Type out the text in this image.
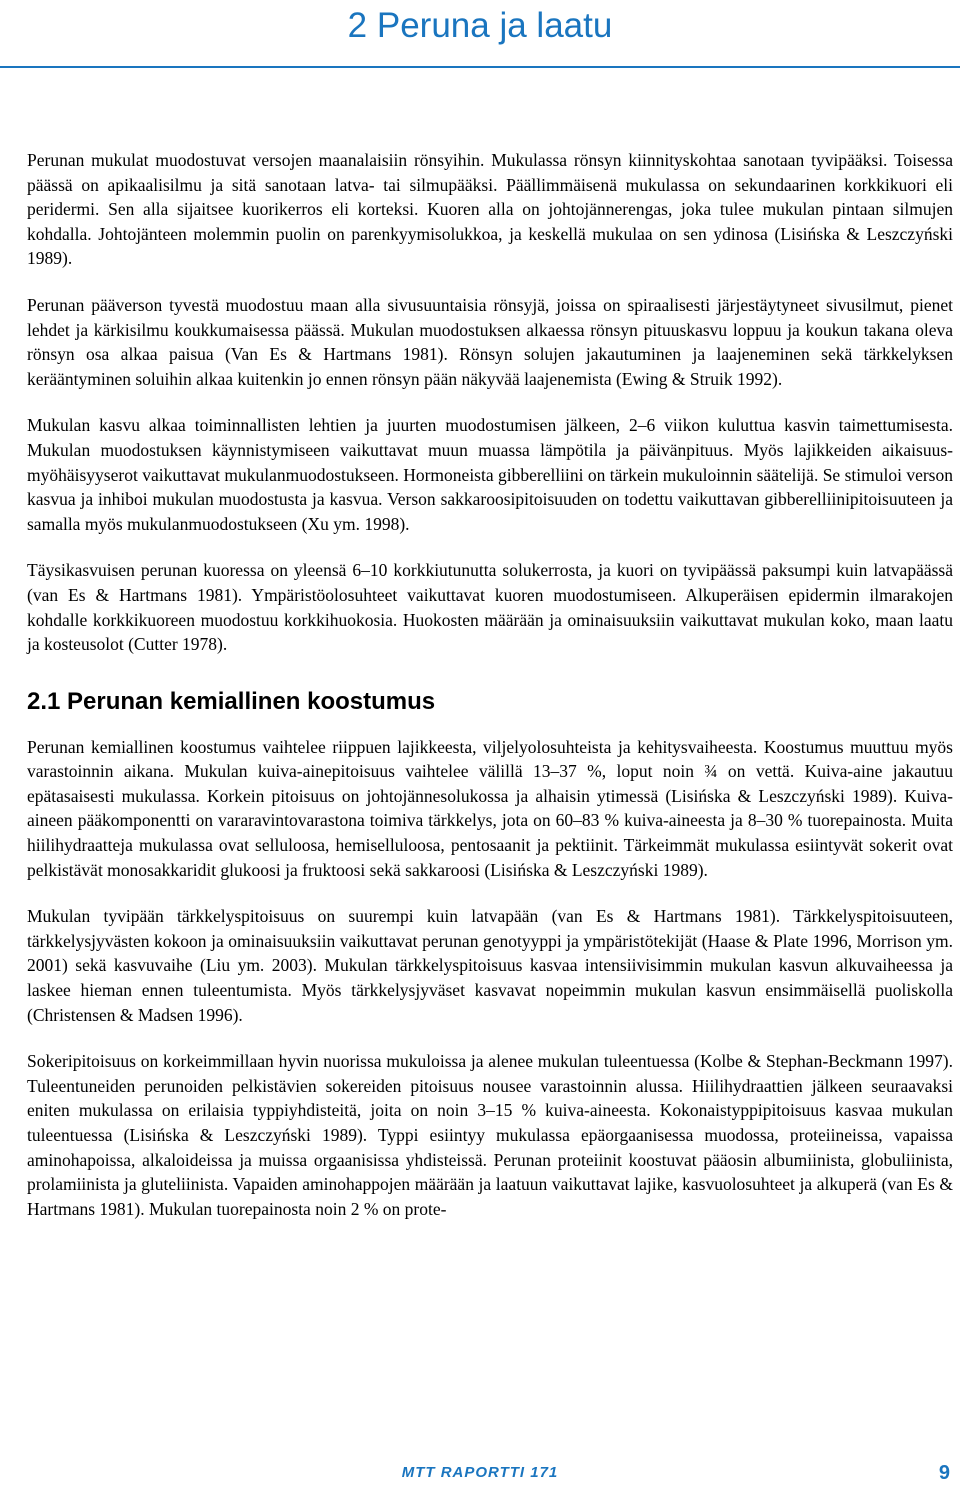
2 Peruna ja laatu

Perunan mukulat muodostuvat versojen maanalaisiin rönsyihin. Mukulassa rönsyn kiinnityskohtaa sanotaan tyvipääksi. Toisessa päässä on apikaalisilmu ja sitä sanotaan latva- tai silmupääksi. Päällimmäisenä mukulassa on sekundaarinen korkkikuori eli peridermi. Sen alla sijaitsee kuorikerros eli korteksi. Kuoren alla on johtojännerengas, joka tulee mukulan pintaan silmujen kohdalla. Johtojänteen molemmin puolin on parenkyymisolukkoa, ja keskellä mukulaa on sen ydinosa (Lisińska & Leszczyński 1989).

Perunan pääverson tyvestä muodostuu maan alla sivusuuntaisia rönsyjä, joissa on spiraalisesti järjestäytyneet sivusilmut, pienet lehdet ja kärkisilmu koukkumaisessa päässä. Mukulan muodostuksen alkaessa rönsyn pituuskasvu loppuu ja koukun takana oleva rönsyn osa alkaa paisua (Van Es & Hartmans 1981). Rönsyn solujen jakautuminen ja laajeneminen sekä tärkkelyksen kerääntyminen soluihin alkaa kuitenkin jo ennen rönsyn pään näkyvää laajenemista (Ewing & Struik 1992).

Mukulan kasvu alkaa toiminnallisten lehtien ja juurten muodostumisen jälkeen, 2–6 viikon kuluttua kasvin taimettumisesta. Mukulan muodostuksen käynnistymiseen vaikuttavat muun muassa lämpötila ja päivänpituus. Myös lajikkeiden aikaisuus-myöhäisyyserot vaikuttavat mukulanmuodostukseen. Hormoneista gibberelliini on tärkein mukuloinnin säätelijä. Se stimuloi verson kasvua ja inhiboi mukulan muodostusta ja kasvua. Verson sakkaroosipitoisuuden on todettu vaikuttavan gibberelliinipitoisuuteen ja samalla myös mukulanmuodostukseen (Xu ym. 1998).

Täysikasvuisen perunan kuoressa on yleensä 6–10 korkkiutunutta solukerrosta, ja kuori on tyvipäässä paksumpi kuin latvapäässä (van Es & Hartmans 1981). Ympäristöolosuhteet vaikuttavat kuoren muodostumiseen. Alkuperäisen epidermin ilmarakojen kohdalle korkkikuoreen muodostuu korkkihuokosia. Huokosten määrään ja ominaisuuksiin vaikuttavat mukulan koko, maan laatu ja kosteusolot (Cutter 1978).

2.1 Perunan kemiallinen koostumus

Perunan kemiallinen koostumus vaihtelee riippuen lajikkeesta, viljelyolosuhteista ja kehitysvaiheesta. Koostumus muuttuu myös varastoinnin aikana. Mukulan kuiva-ainepitoisuus vaihtelee välillä 13–37 %, loput noin ¾ on vettä. Kuiva-aine jakautuu epätasaisesti mukulassa. Korkein pitoisuus on johtojännesolukossa ja alhaisin ytimessä (Lisińska & Leszczyński 1989). Kuiva-aineen pääkomponentti on vararavintovarastona toimiva tärkkelys, jota on 60–83 % kuiva-aineesta ja 8–30 % tuorepainosta. Muita hiilihydraatteja mukulassa ovat selluloosa, hemiselluloosa, pentosaanit ja pektiinit. Tärkeimmät mukulassa esiintyvät sokerit ovat pelkistävät monosakkaridit glukoosi ja fruktoosi sekä sakkaroosi (Lisińska & Leszczyński 1989).

Mukulan tyvipään tärkkelyspitoisuus on suurempi kuin latvapään (van Es & Hartmans 1981). Tärkkelyspitoisuuteen, tärkkelysjyvästen kokoon ja ominaisuuksiin vaikuttavat perunan genotyyppi ja ympäristötekijät (Haase & Plate 1996, Morrison ym. 2001) sekä kasvuvaihe (Liu ym. 2003). Mukulan tärkkelyspitoisuus kasvaa intensiivisimmin mukulan kasvun alkuvaiheessa ja laskee hieman ennen tuleentumista. Myös tärkkelysjyväset kasvavat nopeimmin mukulan kasvun ensimmäisellä puoliskolla (Christensen & Madsen 1996).

Sokeripitoisuus on korkeimmillaan hyvin nuorissa mukuloissa ja alenee mukulan tuleentuessa (Kolbe & Stephan-Beckmann 1997). Tuleentuneiden perunoiden pelkistävien sokereiden pitoisuus nousee varastoinnin alussa. Hiilihydraattien jälkeen seuraavaksi eniten mukulassa on erilaisia typpiyhdisteitä, joita on noin 3–15 % kuiva-aineesta. Kokonaistyppipitoisuus kasvaa mukulan tuleentuessa (Lisińska & Leszczyński 1989). Typpi esiintyy mukulassa epäorgaanisessa muodossa, proteiineissa, vapaissa aminohapoissa, alkaloideissa ja muissa orgaanisissa yhdisteissä. Perunan proteiinit koostuvat pääosin albumiinista, globuliinista, prolamiinista ja gluteliinista. Vapaiden aminohappojen määrään ja laatuun vaikuttavat lajike, kasvuolosuhteet ja alkuperä (van Es & Hartmans 1981). Mukulan tuorepainosta noin 2 % on prote-

MTT RAPORTTI 171	9
